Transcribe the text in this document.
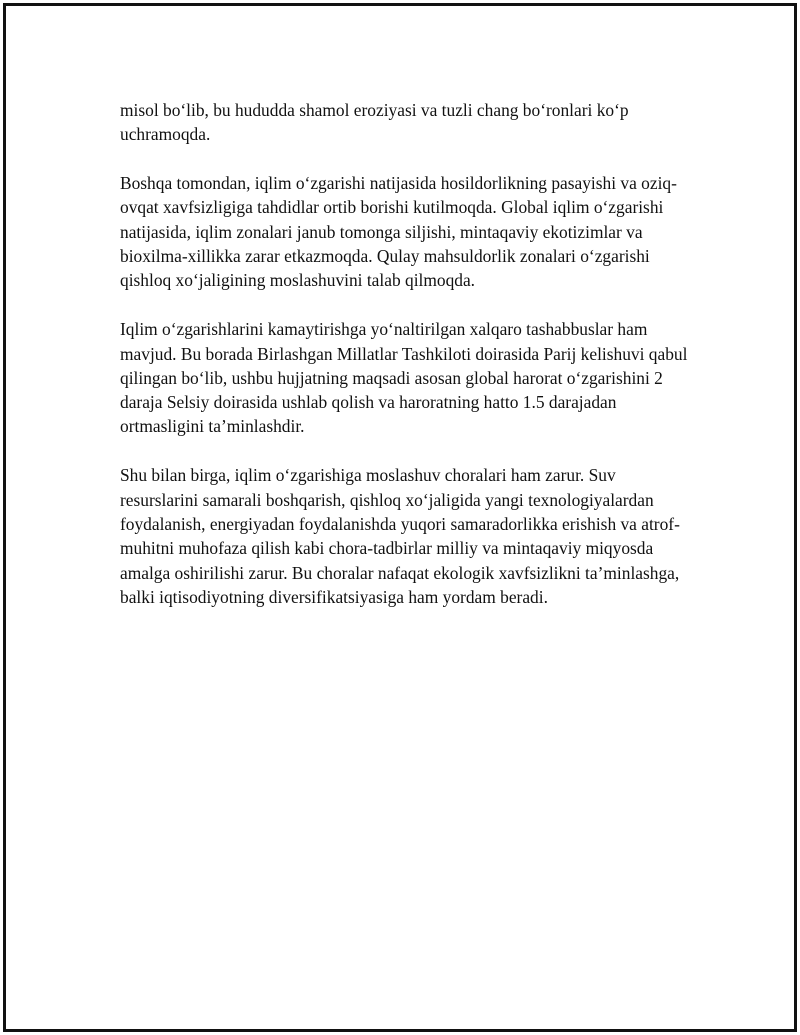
misol bo‘lib, bu hududda shamol eroziyasi va tuzli chang bo‘ronlari ko‘p uchramoqda.

Boshqa tomondan, iqlim o‘zgarishi natijasida hosildorlikning pasayishi va oziq-ovqat xavfsizligiga tahdidlar ortib borishi kutilmoqda. Global iqlim o‘zgarishi natijasida, iqlim zonalari janub tomonga siljishi, mintaqaviy ekotizimlar va bioxilma-xillikka zarar etkazmoqda. Qulay mahsuldorlik zonalari o‘zgarishi qishloq xo‘jaligining moslashuvini talab qilmoqda.

Iqlim o‘zgarishlarini kamaytirishga yo‘naltirilgan xalqaro tashabbuslar ham mavjud. Bu borada Birlashgan Millatlar Tashkiloti doirasida Parij kelishuvi qabul qilingan bo‘lib, ushbu hujjatning maqsadi asosan global harorat o‘zgarishini 2 daraja Selsiy doirasida ushlab qolish va haroratning hatto 1.5 darajadan ortmasligini ta’minlashdir.

Shu bilan birga, iqlim o‘zgarishiga moslashuv choralari ham zarur. Suv resurslarini samarali boshqarish, qishloq xo‘jaligida yangi texnologiyalardan foydalanish, energiyadan foydalanishda yuqori samaradorlikka erishish va atrof-muhitni muhofaza qilish kabi chora-tadbirlar milliy va mintaqaviy miqyosda amalga oshirilishi zarur. Bu choralar nafaqat ekologik xavfsizlikni ta’minlashga, balki iqtisodiyotning diversifikatsiyasiga ham yordam beradi.
